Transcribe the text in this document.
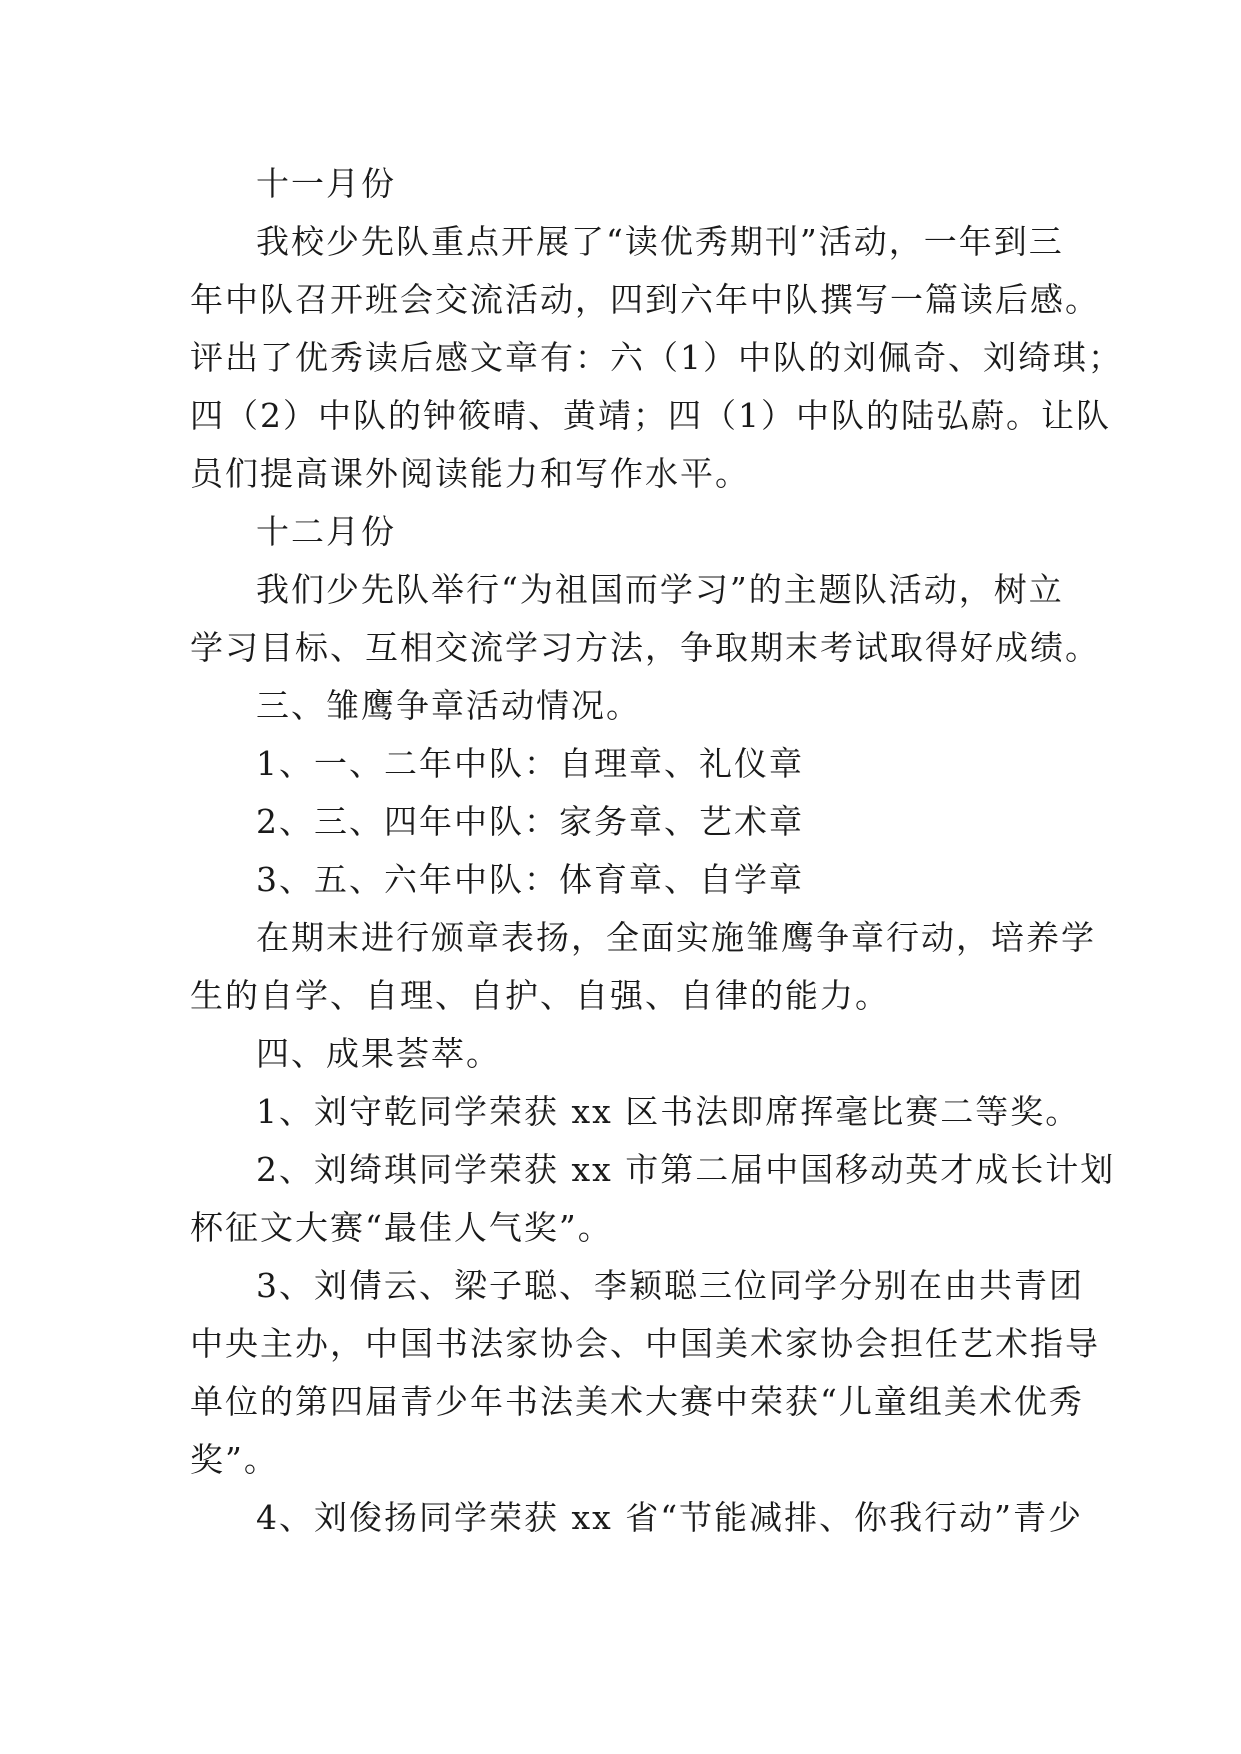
十一月份
我校少先队重点开展了“读优秀期刊”活动，一年到三
年中队召开班会交流活动，四到六年中队撰写一篇读后感。
评出了优秀读后感文章有：六（1）中队的刘佩奇、刘绮琪；
四（2）中队的钟筱晴、黄靖；四（1）中队的陆弘蔚。让队
员们提高课外阅读能力和写作水平。
十二月份
我们少先队举行“为祖国而学习”的主题队活动，树立
学习目标、互相交流学习方法，争取期末考试取得好成绩。
三、雏鹰争章活动情况。
1、一、二年中队：自理章、礼仪章
2、三、四年中队：家务章、艺术章
3、五、六年中队：体育章、自学章
在期末进行颁章表扬，全面实施雏鹰争章行动，培养学
生的自学、自理、自护、自强、自律的能力。
四、成果荟萃。
1、刘守乾同学荣获 xx 区书法即席挥毫比赛二等奖。
2、刘绮琪同学荣获 xx 市第二届中国移动英才成长计划
杯征文大赛“最佳人气奖”。
3、刘倩云、梁子聪、李颖聪三位同学分别在由共青团
中央主办，中国书法家协会、中国美术家协会担任艺术指导
单位的第四届青少年书法美术大赛中荣获“儿童组美术优秀
奖”。
4、刘俊扬同学荣获 xx 省“节能减排、你我行动”青少
